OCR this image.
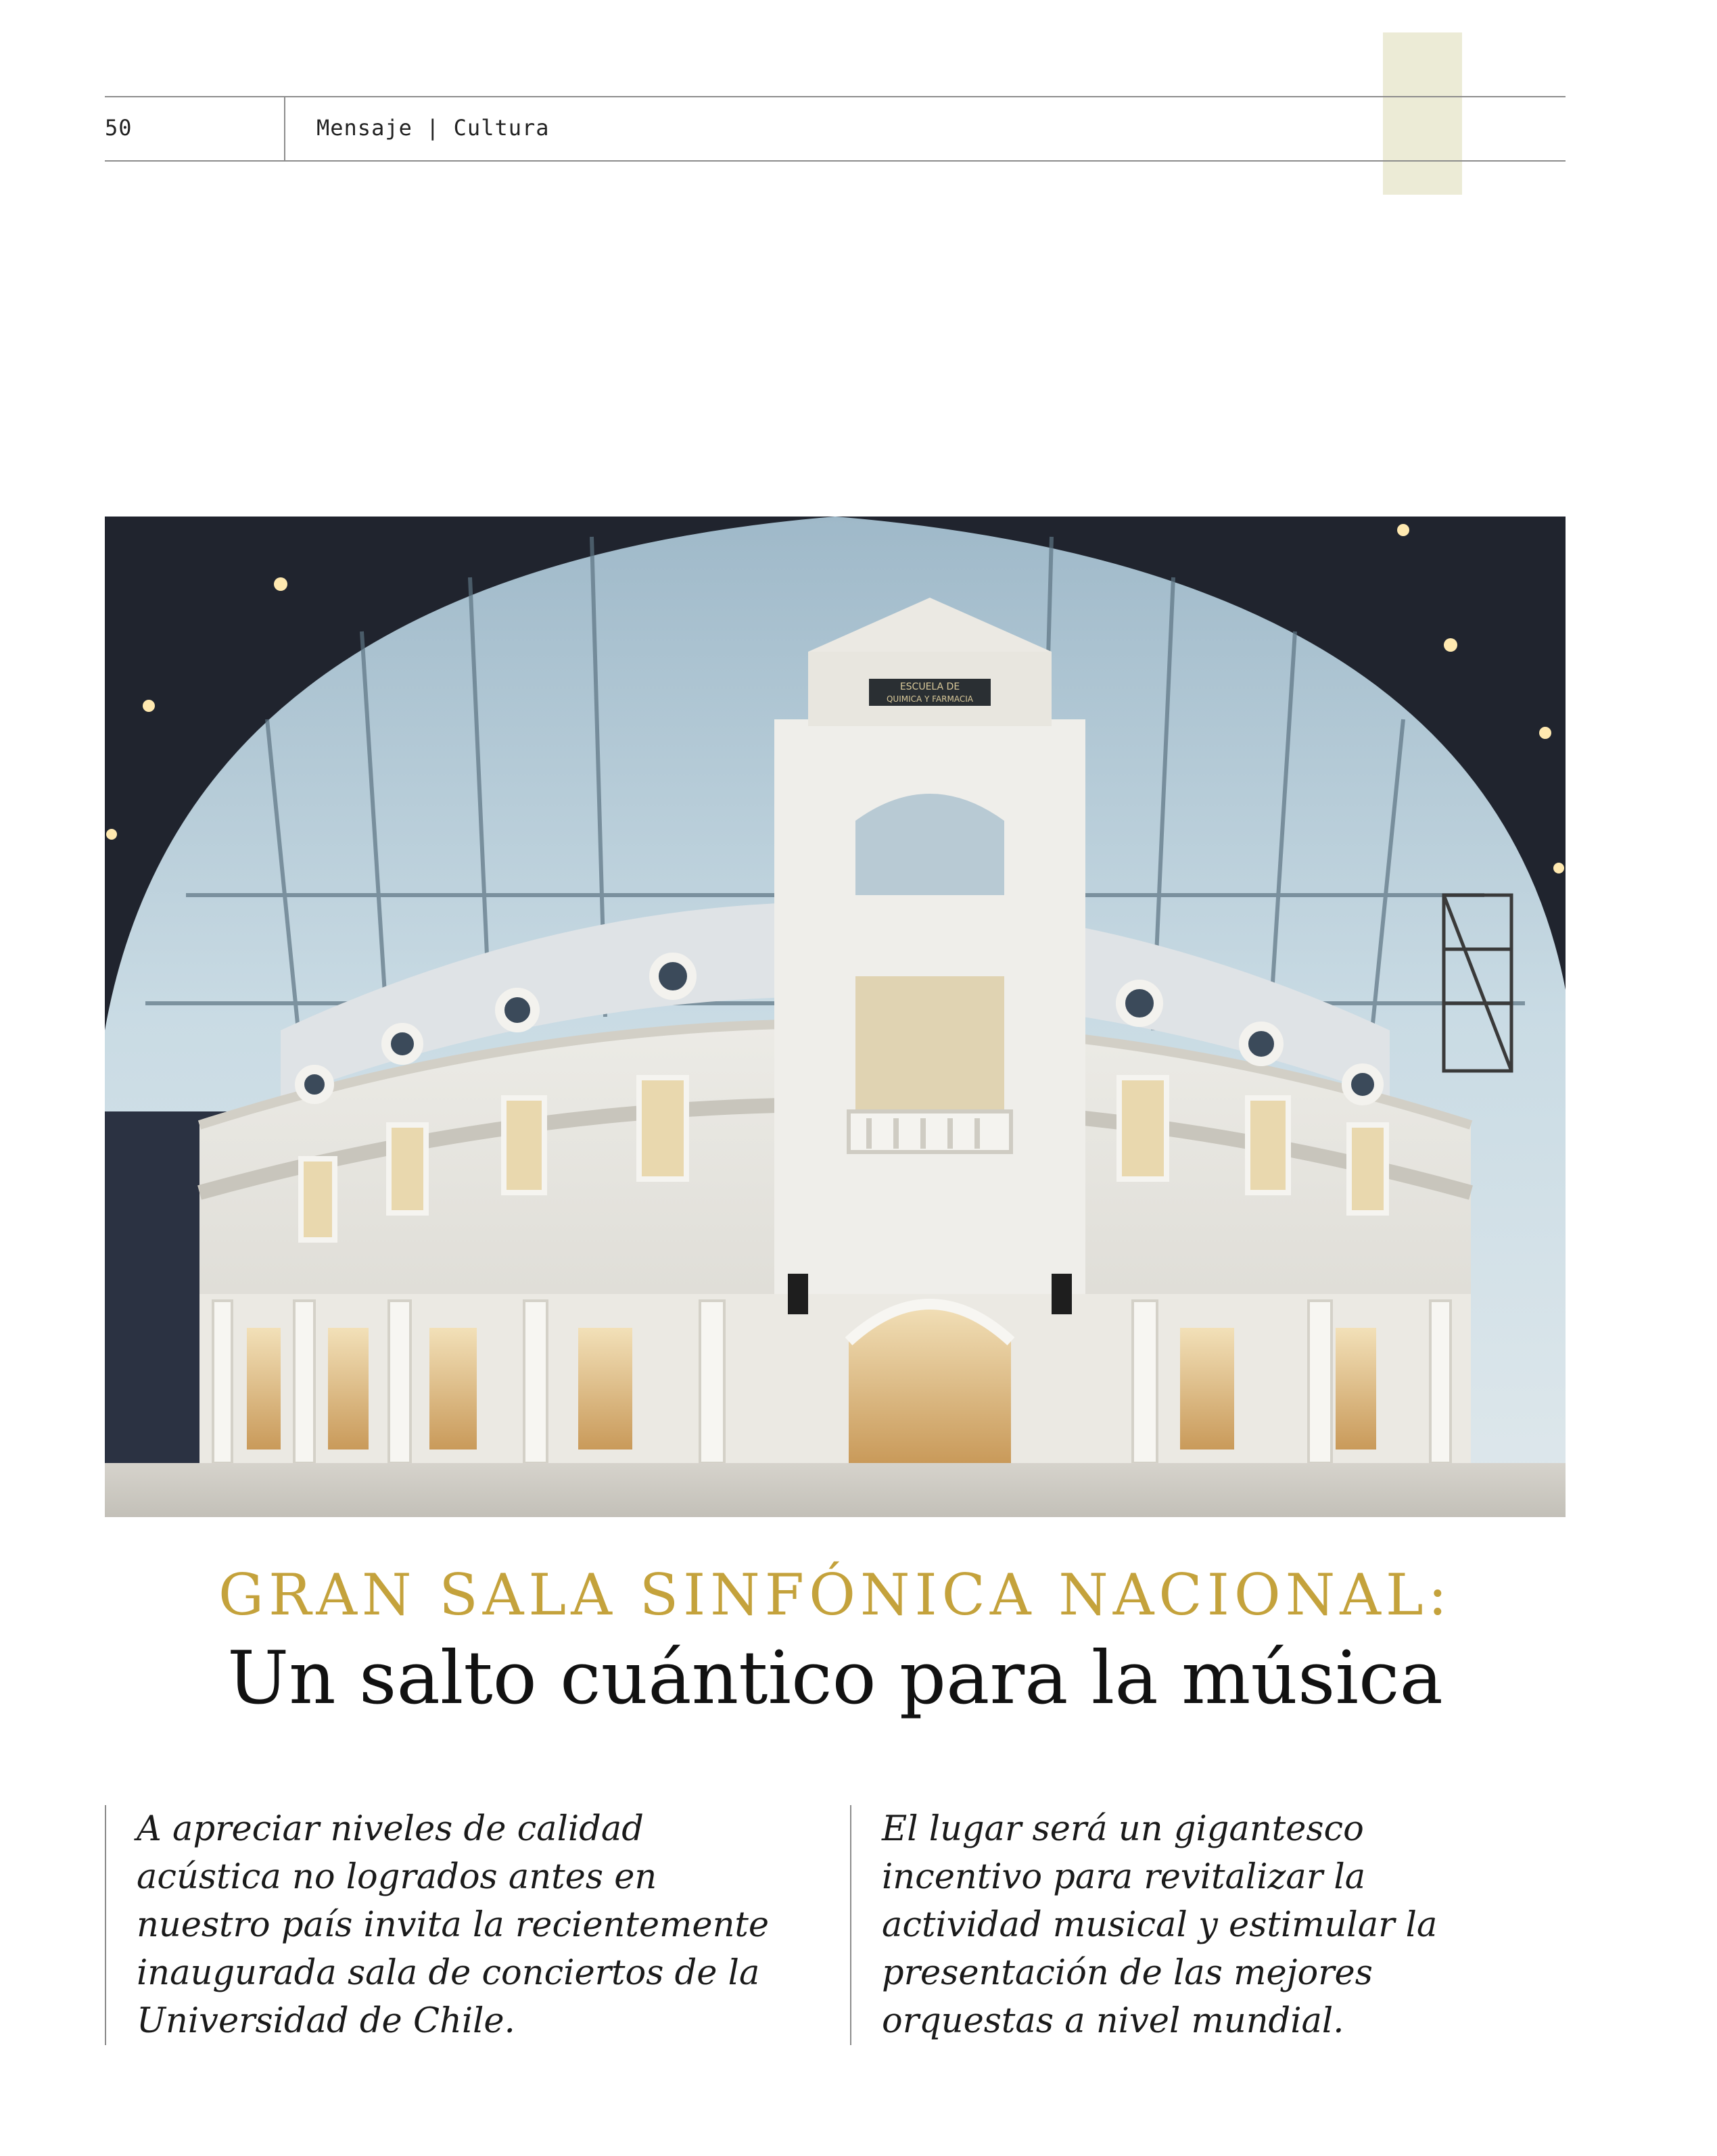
50	Mensaje | Cultura
ESCUELA DE
QUIMICA Y FARMACIA
GRAN SALA SINFÓNICA NACIONAL:
Un salto cuántico para la música
A apreciar niveles de calidad acústica no logrados antes en nuestro país invita la recientemente inaugurada sala de conciertos de la Universidad de Chile.
El lugar será un gigantesco incentivo para revitalizar la actividad musical y estimular la presentación de las mejores orquestas a nivel mundial.
